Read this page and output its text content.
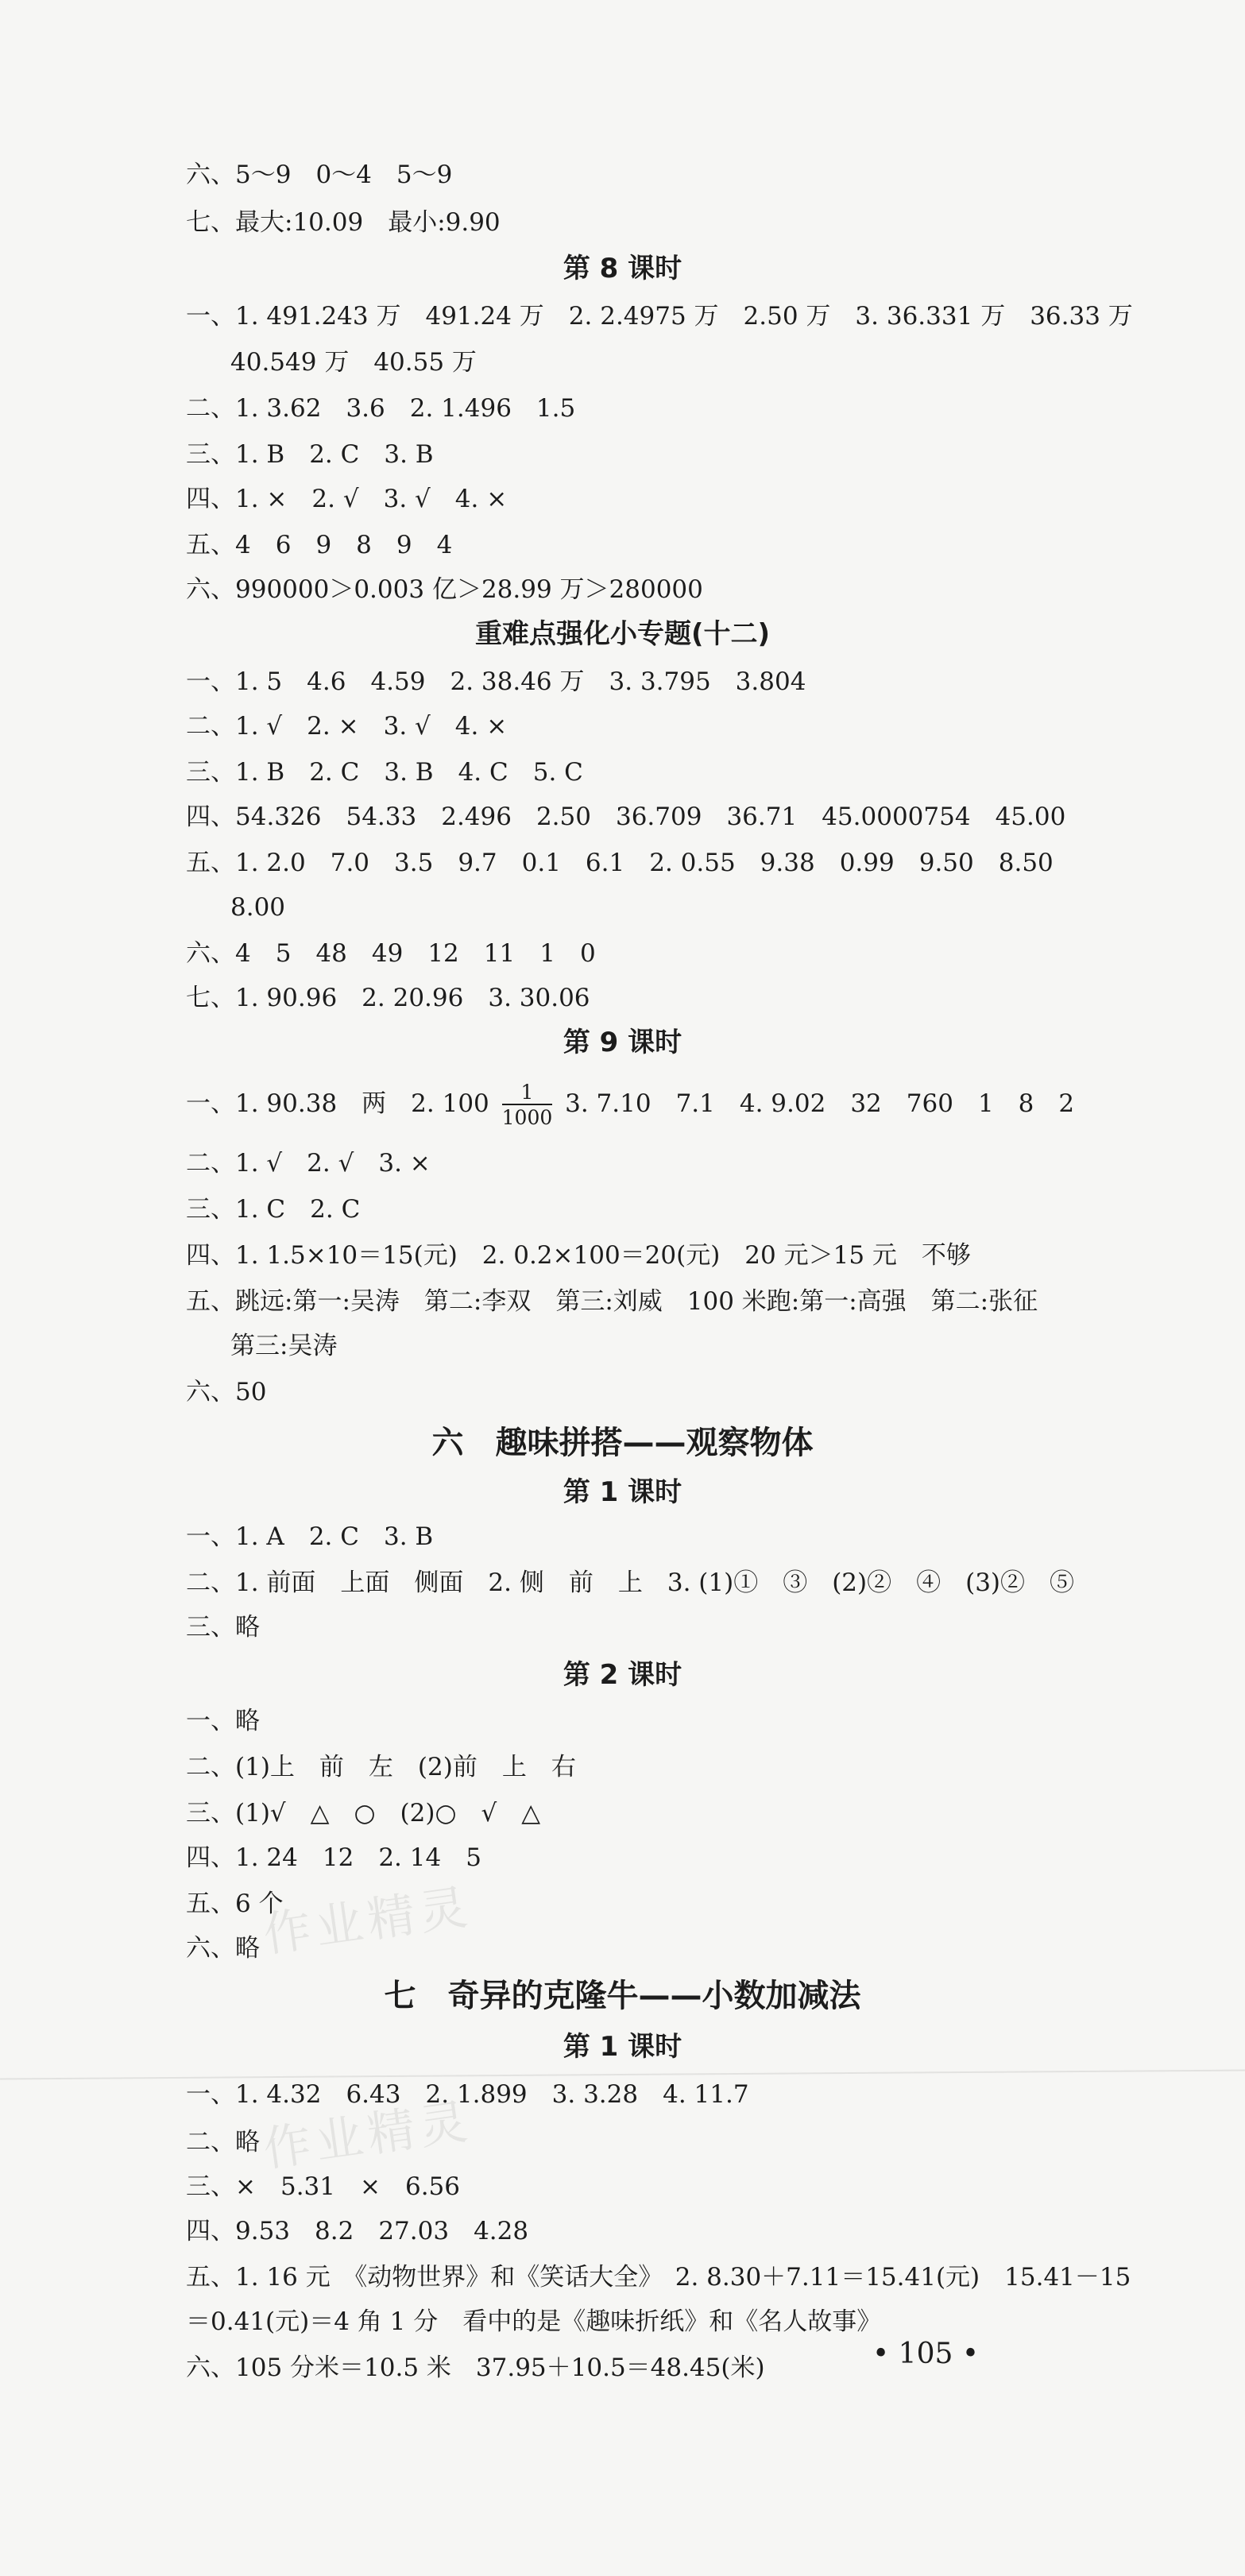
六、5～9　0～4　5～9
七、最大:10.09　最小:9.90
第 8 课时
一、1. 491.243 万　491.24 万　2. 2.4975 万　2.50 万　3. 36.331 万　36.33 万
40.549 万　40.55 万
二、1. 3.62　3.6　2. 1.496　1.5
三、1. B　2. C　3. B
四、1. ×　2. √　3. √　4. ×
五、4　6　9　8　9　4
六、990000＞0.003 亿＞28.99 万＞280000
重难点强化小专题(十二)
一、1. 5　4.6　4.59　2. 38.46 万　3. 3.795　3.804
二、1. √　2. ×　3. √　4. ×
三、1. B　2. C　3. B　4. C　5. C
四、54.326　54.33　2.496　2.50　36.709　36.71　45.0000754　45.00
五、1. 2.0　7.0　3.5　9.7　0.1　6.1　2. 0.55　9.38　0.99　9.50　8.50
8.00
六、4　5　48　49　12　11　1　0
七、1. 90.96　2. 20.96　3. 30.06
第 9 课时
一、1. 90.38　两　2. $100 \frac{1}{1000} 3$. 7.10　7.1　4. 9.02　32　760　1　8　2
二、1. √　2. √　3. ×
三、1. C　2. C
四、1. 1.5×10＝15(元)　2. 0.2×100＝20(元)　20 元＞15 元　不够
五、跳远:第一:吴涛　第二:李双　第三:刘威　100 米跑:第一:高强　第二:张征
第三:吴涛
六、50
六　趣味拼搭——观察物体
第 1 课时
一、1. A　2. C　3. B
二、1. 前面　上面　侧面　2. 侧　前　上　3. (1)①　③　(2)②　④　(3)②　⑤
三、略
第 2 课时
一、略
二、(1)上　前　左　(2)前　上　右
三、(1)√　△　○　(2)○　√　△
四、1. 24　12　2. 14　5
五、6 个
六、略
七　奇异的克隆牛——小数加减法
第 1 课时
一、1. 4.32　6.43　2. 1.899　3. 3.28　4. 11.7
二、略
三、×　5.31　×　6.56
四、9.53　8.2　27.03　4.28
五、1. 16 元　《动物世界》和《笑话大全》　2. 8.30＋7.11＝15.41(元)　15.41－15
＝0.41(元)＝4 角 1 分　看中的是《趣味折纸》和《名人故事》
六、105 分米＝10.5 米　37.95＋10.5＝48.45(米)
作业精灵
作业精灵
• 105 •
